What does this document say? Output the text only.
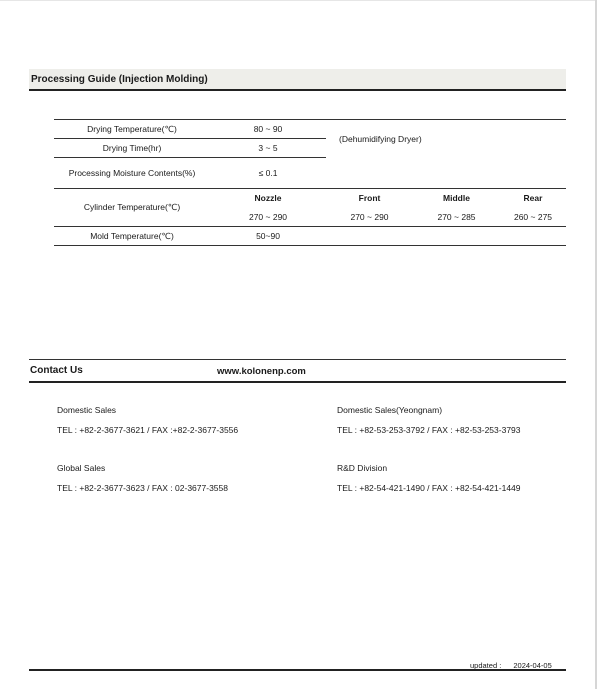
Processing Guide (Injection Molding)
Drying Temperature(℃)	80 ~ 90	(Dehumidifying Dryer)		
Drying Time(hr)	3 ~ 5			
Processing Moisture Contents(%)	≤ 0.1			
Cylinder Temperature(℃)	Nozzle	Front	Middle	Rear
	270 ~ 290	270 ~ 290	270 ~ 285	260 ~ 275
Mold Temperature(℃)	50~90			
Contact Us	www.kolonenp.com
Domestic Sales
TEL : +82-2-3677-3621 / FAX :+82-2-3677-3556
Domestic Sales(Yeongnam)
TEL : +82-53-253-3792 / FAX : +82-53-253-3793
Global Sales
TEL : +82-2-3677-3623 / FAX : 02-3677-3558
R&D Division
TEL : +82-54-421-1490 / FAX : +82-54-421-1449
updated : 2024-04-05
